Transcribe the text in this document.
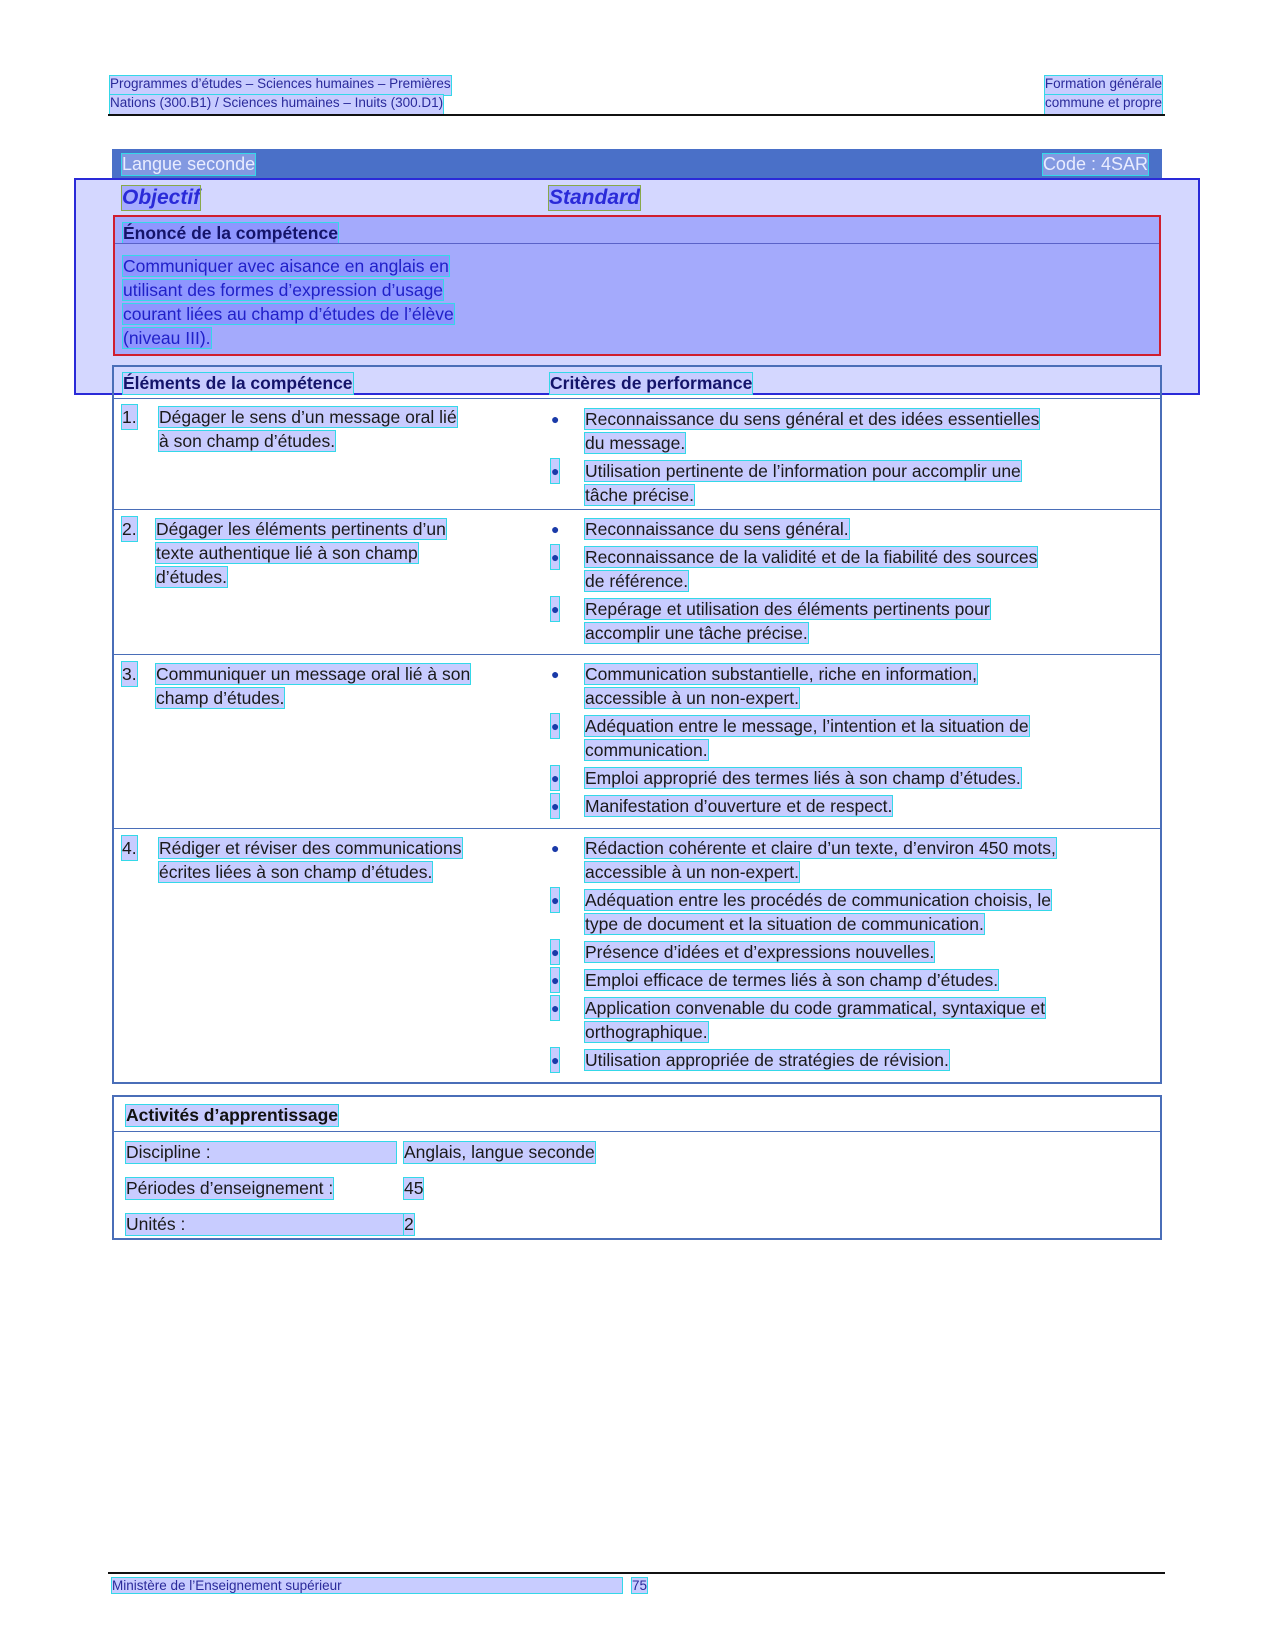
Programmes d’études – Sciences humaines – Premières	Formation générale
Nations (300.B1) / Sciences humaines – Inuits (300.D1)	commune et propre
Langue seconde	Code : 4SAR
Objectif	Standard
Énoncé de la compétence
Communiquer avec aisance en anglais en
utilisant des formes d’expression d’usage
courant liées au champ d’études de l’élève
(niveau III).
Éléments de la compétence	Critères de performance
1.	Dégager le sens d’un message oral lié
à son champ d’études.
● Reconnaissance du sens général et des idées essentielles
du message.
● Utilisation pertinente de l’information pour accomplir une
tâche précise.
2.	Dégager les éléments pertinents d’un
texte authentique lié à son champ
d’études.
● Reconnaissance du sens général.
● Reconnaissance de la validité et de la fiabilité des sources
de référence.
● Repérage et utilisation des éléments pertinents pour
accomplir une tâche précise.
3.	Communiquer un message oral lié à son
champ d’études.
● Communication substantielle, riche en information,
accessible à un non-expert.
● Adéquation entre le message, l’intention et la situation de
communication.
● Emploi approprié des termes liés à son champ d’études.
● Manifestation d’ouverture et de respect.
4.	Rédiger et réviser des communications
écrites liées à son champ d’études.
● Rédaction cohérente et claire d’un texte, d’environ 450 mots,
accessible à un non-expert.
● Adéquation entre les procédés de communication choisis, le
type de document et la situation de communication.
● Présence d’idées et d’expressions nouvelles.
● Emploi efficace de termes liés à son champ d’études.
● Application convenable du code grammatical, syntaxique et
orthographique.
● Utilisation appropriée de stratégies de révision.
Activités d’apprentissage
Discipline :	Anglais, langue seconde
Périodes d’enseignement :	45
Unités :	2
Ministère de l’Enseignement supérieur	75
